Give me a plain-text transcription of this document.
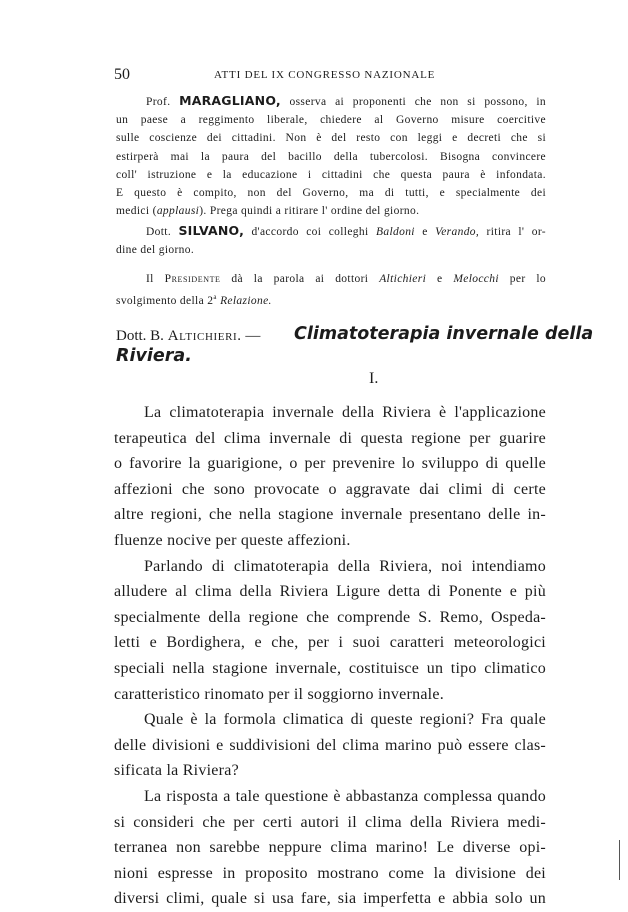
50	ATTI DEL IX CONGRESSO NAZIONALE
Prof. MARAGLIANO, osserva ai proponenti che non si possono, in
un paese a reggimento liberale, chiedere al Governo misure coercitive
sulle coscienze dei cittadini. Non è del resto con leggi e decreti che si
estirperà mai la paura del bacillo della tubercolosi. Bisogna convincere
coll' istruzione e la educazione i cittadini che questa paura è infondata.
E questo è compito, non del Governo, ma di tutti, e specialmente dei
medici (applausi). Prega quindi a ritirare l' ordine del giorno.
Dott. SILVANO, d'accordo coi colleghi Baldoni e Verando, ritira l' or-
dine del giorno.
Il Presidente dà la parola ai dottori Altichieri e Melocchi per lo
svolgimento della 2$^a$ Relazione.
Dott. B. Altichieri. — Climatoterapia invernale della
Riviera.
I.
La climatoterapia invernale della Riviera è l'applicazione
terapeutica del clima invernale di questa regione per guarire
o favorire la guarigione, o per prevenire lo sviluppo di quelle
affezioni che sono provocate o aggravate dai climi di certe
altre regioni, che nella stagione invernale presentano delle in-
fluenze nocive per queste affezioni.
Parlando di climatoterapia della Riviera, noi intendiamo
alludere al clima della Riviera Ligure detta di Ponente e più
specialmente della regione che comprende S. Remo, Ospeda-
letti e Bordighera, e che, per i suoi caratteri meteorologici
speciali nella stagione invernale, costituisce un tipo climatico
caratteristico rinomato per il soggiorno invernale.
Quale è la formola climatica di queste regioni? Fra quale
delle divisioni e suddivisioni del clima marino può essere clas-
sificata la Riviera?
La risposta a tale questione è abbastanza complessa quando
si consideri che per certi autori il clima della Riviera medi-
terranea non sarebbe neppure clima marino! Le diverse opi-
nioni espresse in proposito mostrano come la divisione dei
diversi climi, quale si usa fare, sia imperfetta e abbia solo un
